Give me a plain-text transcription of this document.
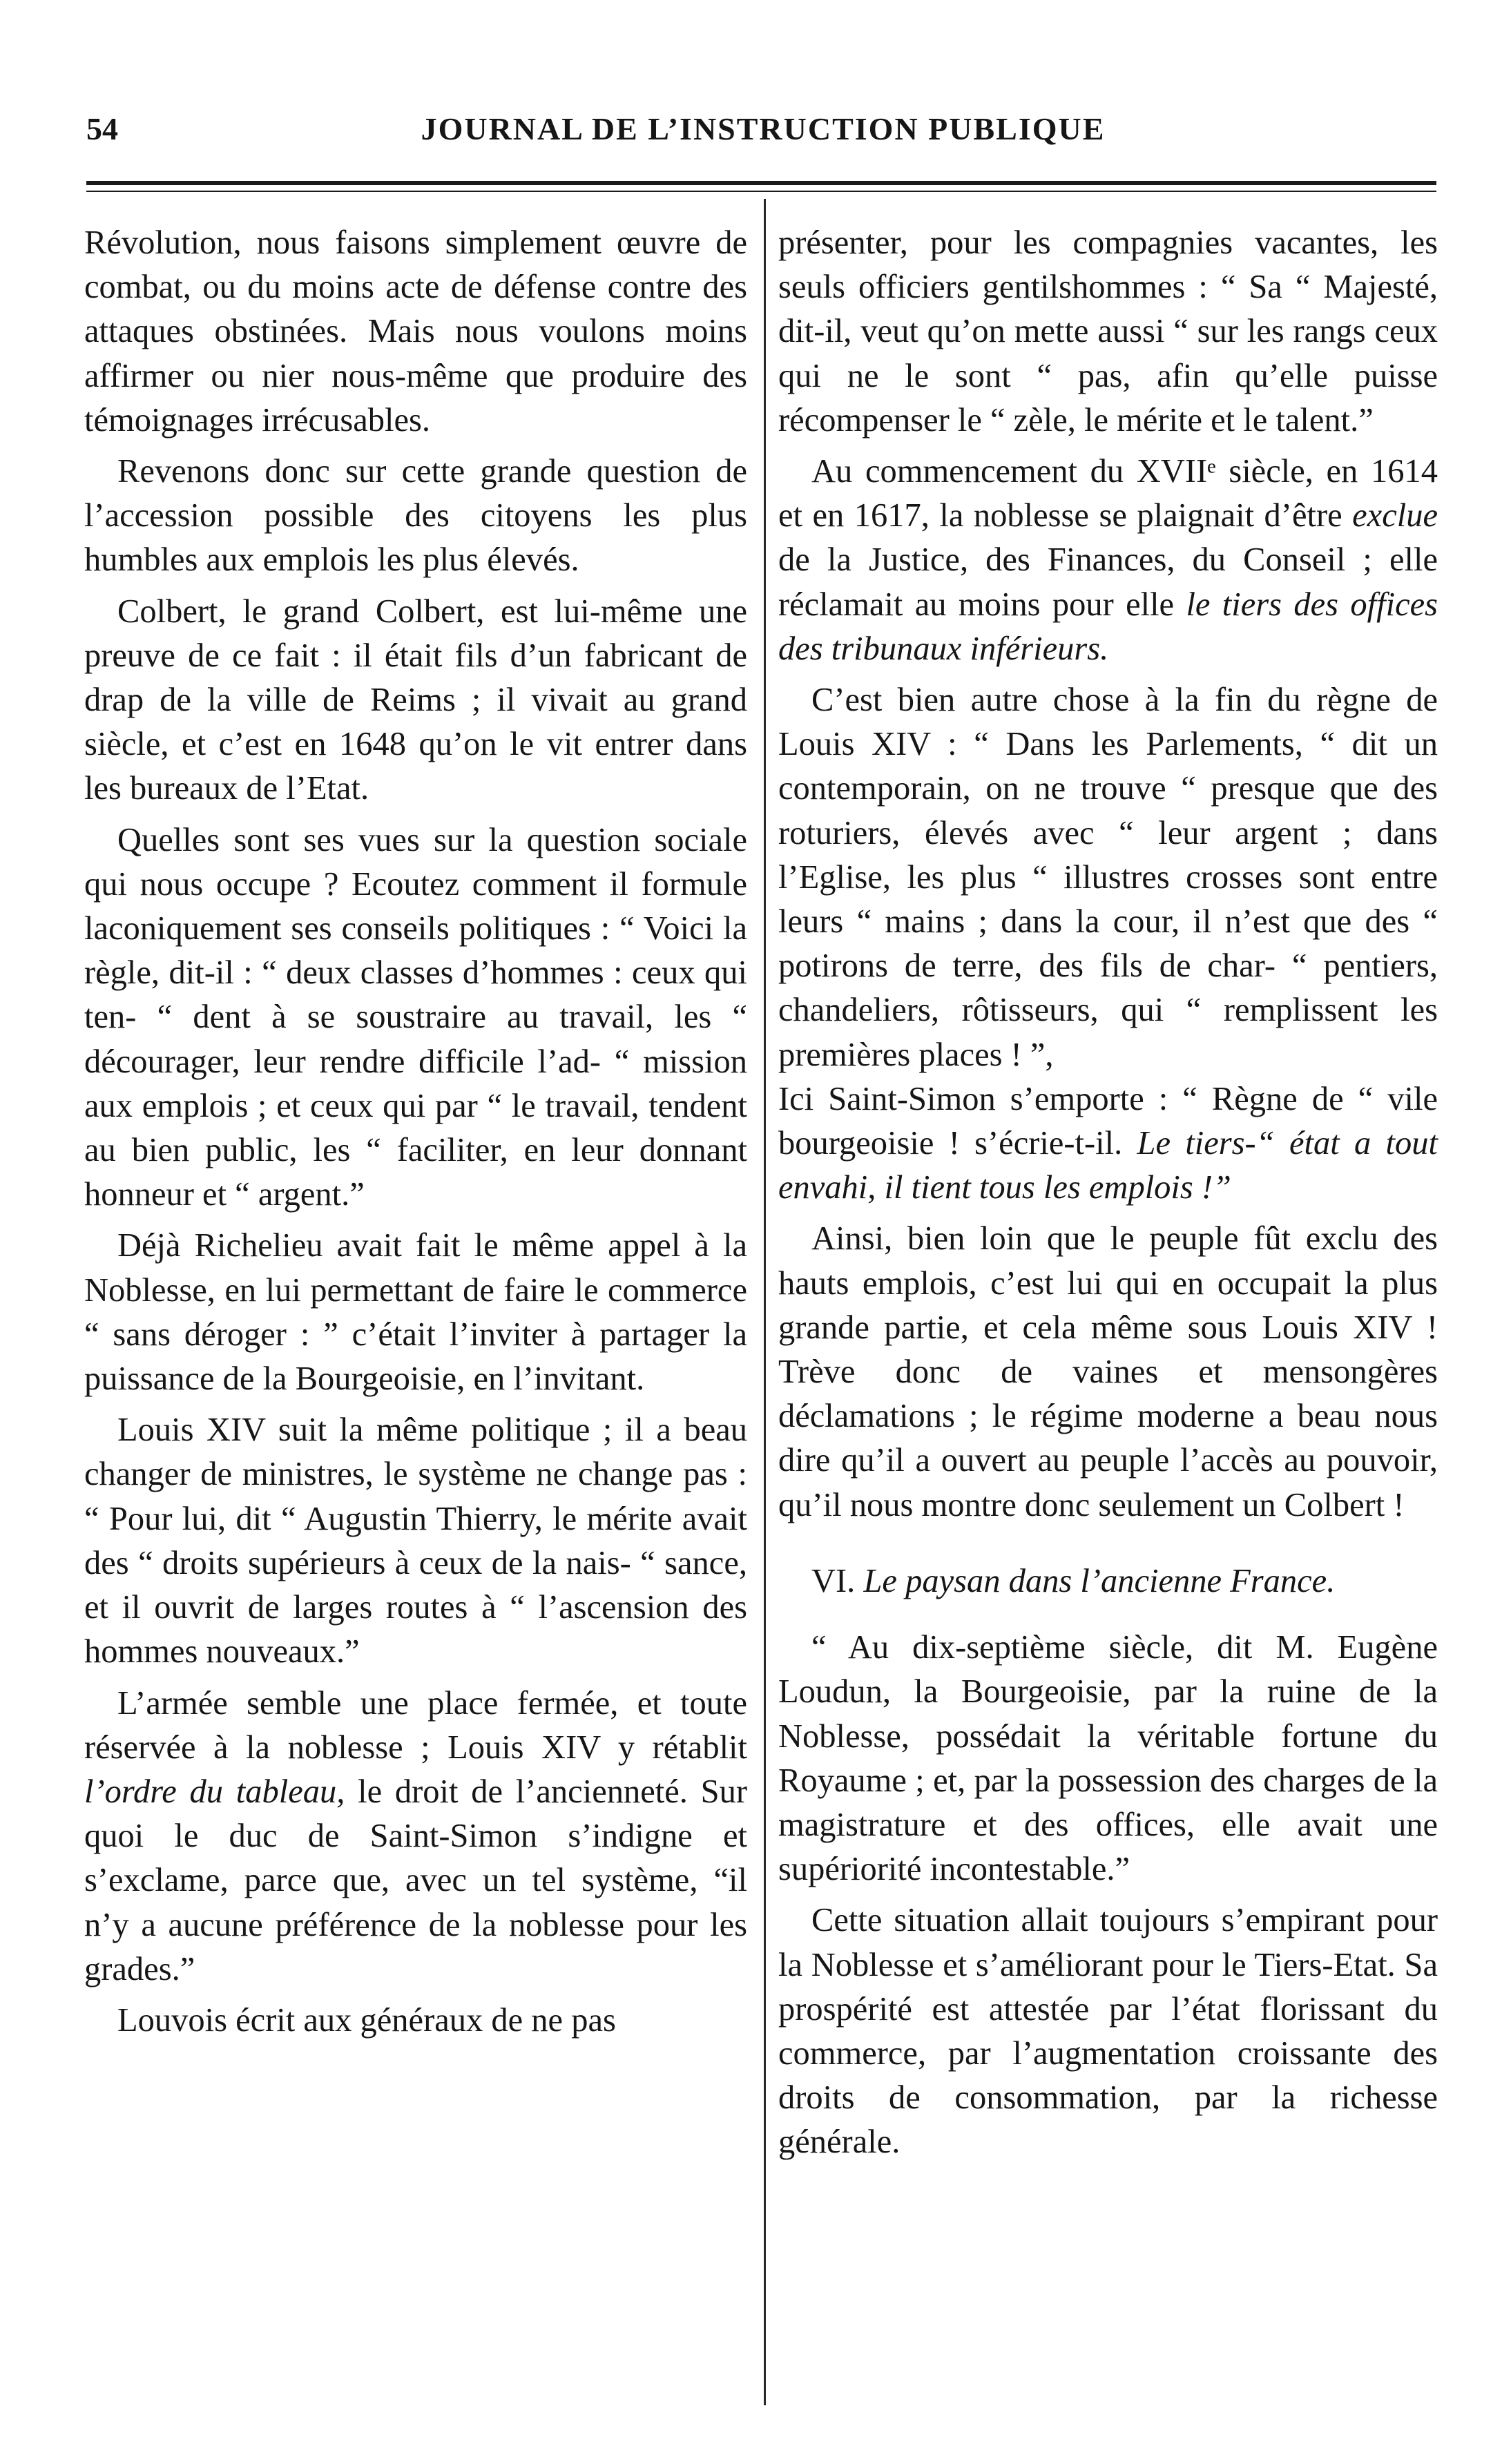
54	JOURNAL DE L’INSTRUCTION PUBLIQUE

Révolution, nous faisons simplement œuvre de combat, ou du moins acte de défense contre des attaques obstinées. Mais nous voulons moins affirmer ou nier nous-même que produire des témoignages irrécusables.

Revenons donc sur cette grande question de l’accession possible des citoyens les plus humbles aux emplois les plus élevés.

Colbert, le grand Colbert, est lui-même une preuve de ce fait : il était fils d’un fabricant de drap de la ville de Reims ; il vivait au grand siècle, et c’est en 1648 qu’on le vit entrer dans les bureaux de l’Etat.

Quelles sont ses vues sur la question sociale qui nous occupe ? Ecoutez comment il formule laconiquement ses conseils politiques : “ Voici la règle, dit-il : “ deux classes d’hommes : ceux qui ten- “ dent à se soustraire au travail, les “ décourager, leur rendre difficile l’ad- “ mission aux emplois ; et ceux qui par “ le travail, tendent au bien public, les “ faciliter, en leur donnant honneur et “ argent.”

Déjà Richelieu avait fait le même appel à la Noblesse, en lui permettant de faire le commerce “ sans déroger : ” c’était l’inviter à partager la puissance de la Bourgeoisie, en l’invitant.

Louis XIV suit la même politique ; il a beau changer de ministres, le système ne change pas : “ Pour lui, dit “ Augustin Thierry, le mérite avait des “ droits supérieurs à ceux de la nais- “ sance, et il ouvrit de larges routes à “ l’ascension des hommes nouveaux.”

L’armée semble une place fermée, et toute réservée à la noblesse ; Louis XIV y rétablit l’ordre du tableau, le droit de l’ancienneté. Sur quoi le duc de Saint-Simon s’indigne et s’exclame, parce que, avec un tel système, “il n’y a aucune préférence de la noblesse pour les grades.”

Louvois écrit aux généraux de ne pas

présenter, pour les compagnies vacantes, les seuls officiers gentilshommes : “ Sa “ Majesté, dit-il, veut qu’on mette aussi “ sur les rangs ceux qui ne le sont “ pas, afin qu’elle puisse récompenser le “ zèle, le mérite et le talent.”

Au commencement du XVIIᵉ siècle, en 1614 et en 1617, la noblesse se plaignait d’être exclue de la Justice, des Finances, du Conseil ; elle réclamait au moins pour elle le tiers des offices des tribunaux inférieurs.

C’est bien autre chose à la fin du règne de Louis XIV : “ Dans les Parlements, “ dit un contemporain, on ne trouve “ presque que des roturiers, élevés avec “ leur argent ; dans l’Eglise, les plus “ illustres crosses sont entre leurs “ mains ; dans la cour, il n’est que des “ potirons de terre, des fils de char- “ pentiers, chandeliers, rôtisseurs, qui “ remplissent les premières places ! ”,

Ici Saint-Simon s’emporte : “ Règne de “ vile bourgeoisie ! s’écrie-t-il. Le tiers-“ état a tout envahi, il tient tous les emplois !”

Ainsi, bien loin que le peuple fût exclu des hauts emplois, c’est lui qui en occupait la plus grande partie, et cela même sous Louis XIV ! Trève donc de vaines et mensongères déclamations ; le régime moderne a beau nous dire qu’il a ouvert au peuple l’accès au pouvoir, qu’il nous montre donc seulement un Colbert !

VI. Le paysan dans l’ancienne France.

“ Au dix-septième siècle, dit M. Eugène Loudun, la Bourgeoisie, par la ruine de la Noblesse, possédait la véritable fortune du Royaume ; et, par la possession des charges de la magistrature et des offices, elle avait une supériorité incontestable.”

Cette situation allait toujours s’empirant pour la Noblesse et s’améliorant pour le Tiers-Etat. Sa prospérité est attestée par l’état florissant du commerce, par l’augmentation croissante des droits de consommation, par la richesse générale.
